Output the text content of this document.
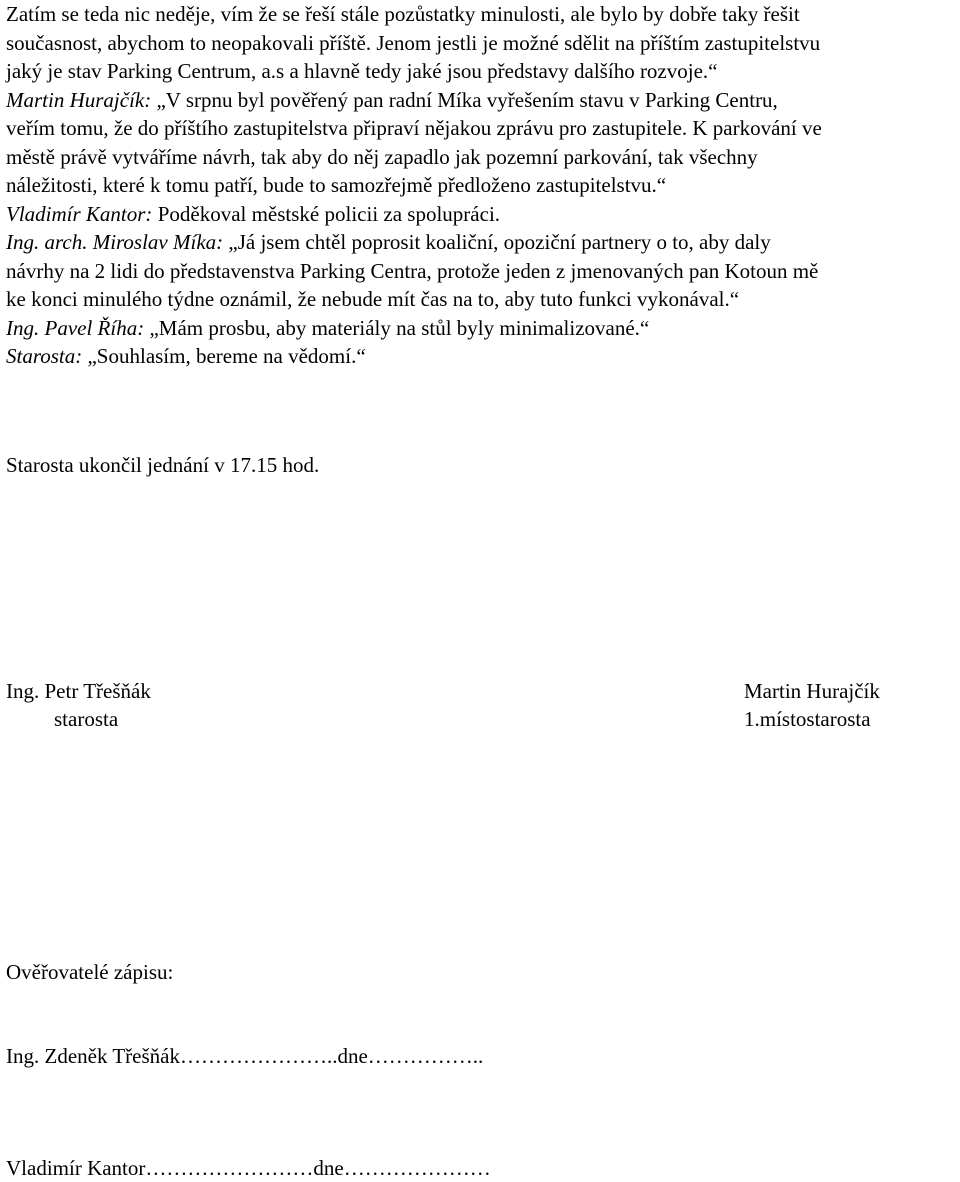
Zatím se teda nic neděje, vím že se řeší stále pozůstatky minulosti, ale bylo by dobře taky řešit
současnost, abychom to neopakovali příště. Jenom jestli je možné sdělit na příštím zastupitelstvu
jaký je stav Parking Centrum, a.s a hlavně tedy jaké jsou představy dalšího rozvoje.“
Martin Hurajčík: „V srpnu byl pověřený pan radní Míka vyřešením stavu v Parking Centru,
veřím tomu, že do příštího zastupitelstva připraví nějakou zprávu pro zastupitele. K parkování ve
městě právě vytváříme návrh, tak aby do něj zapadlo jak pozemní parkování, tak všechny
náležitosti, které k tomu patří, bude to samozřejmě předloženo zastupitelstvu.“
Vladimír Kantor: Poděkoval městské policii za spolupráci.
Ing. arch. Miroslav Míka: „Já jsem chtěl poprosit koaliční, opoziční partnery o to, aby daly
návrhy na 2 lidi do představenstva Parking Centra, protože jeden z jmenovaných pan Kotoun mě
ke konci minulého týdne oznámil, že nebude mít čas na to, aby tuto funkci vykonával.“
Ing. Pavel Říha: „Mám prosbu, aby materiály na stůl byly minimalizované.“
Starosta: „Souhlasím, bereme na vědomí.“
Starosta ukončil jednání v 17.15 hod.
Ing. Petr Třešňák
starosta
Martin Hurajčík
1.místostarosta
Ověřovatelé zápisu:
Ing. Zdeněk Třešňák…………………..dne……………..
Vladimír Kantor……………………dne…………………
